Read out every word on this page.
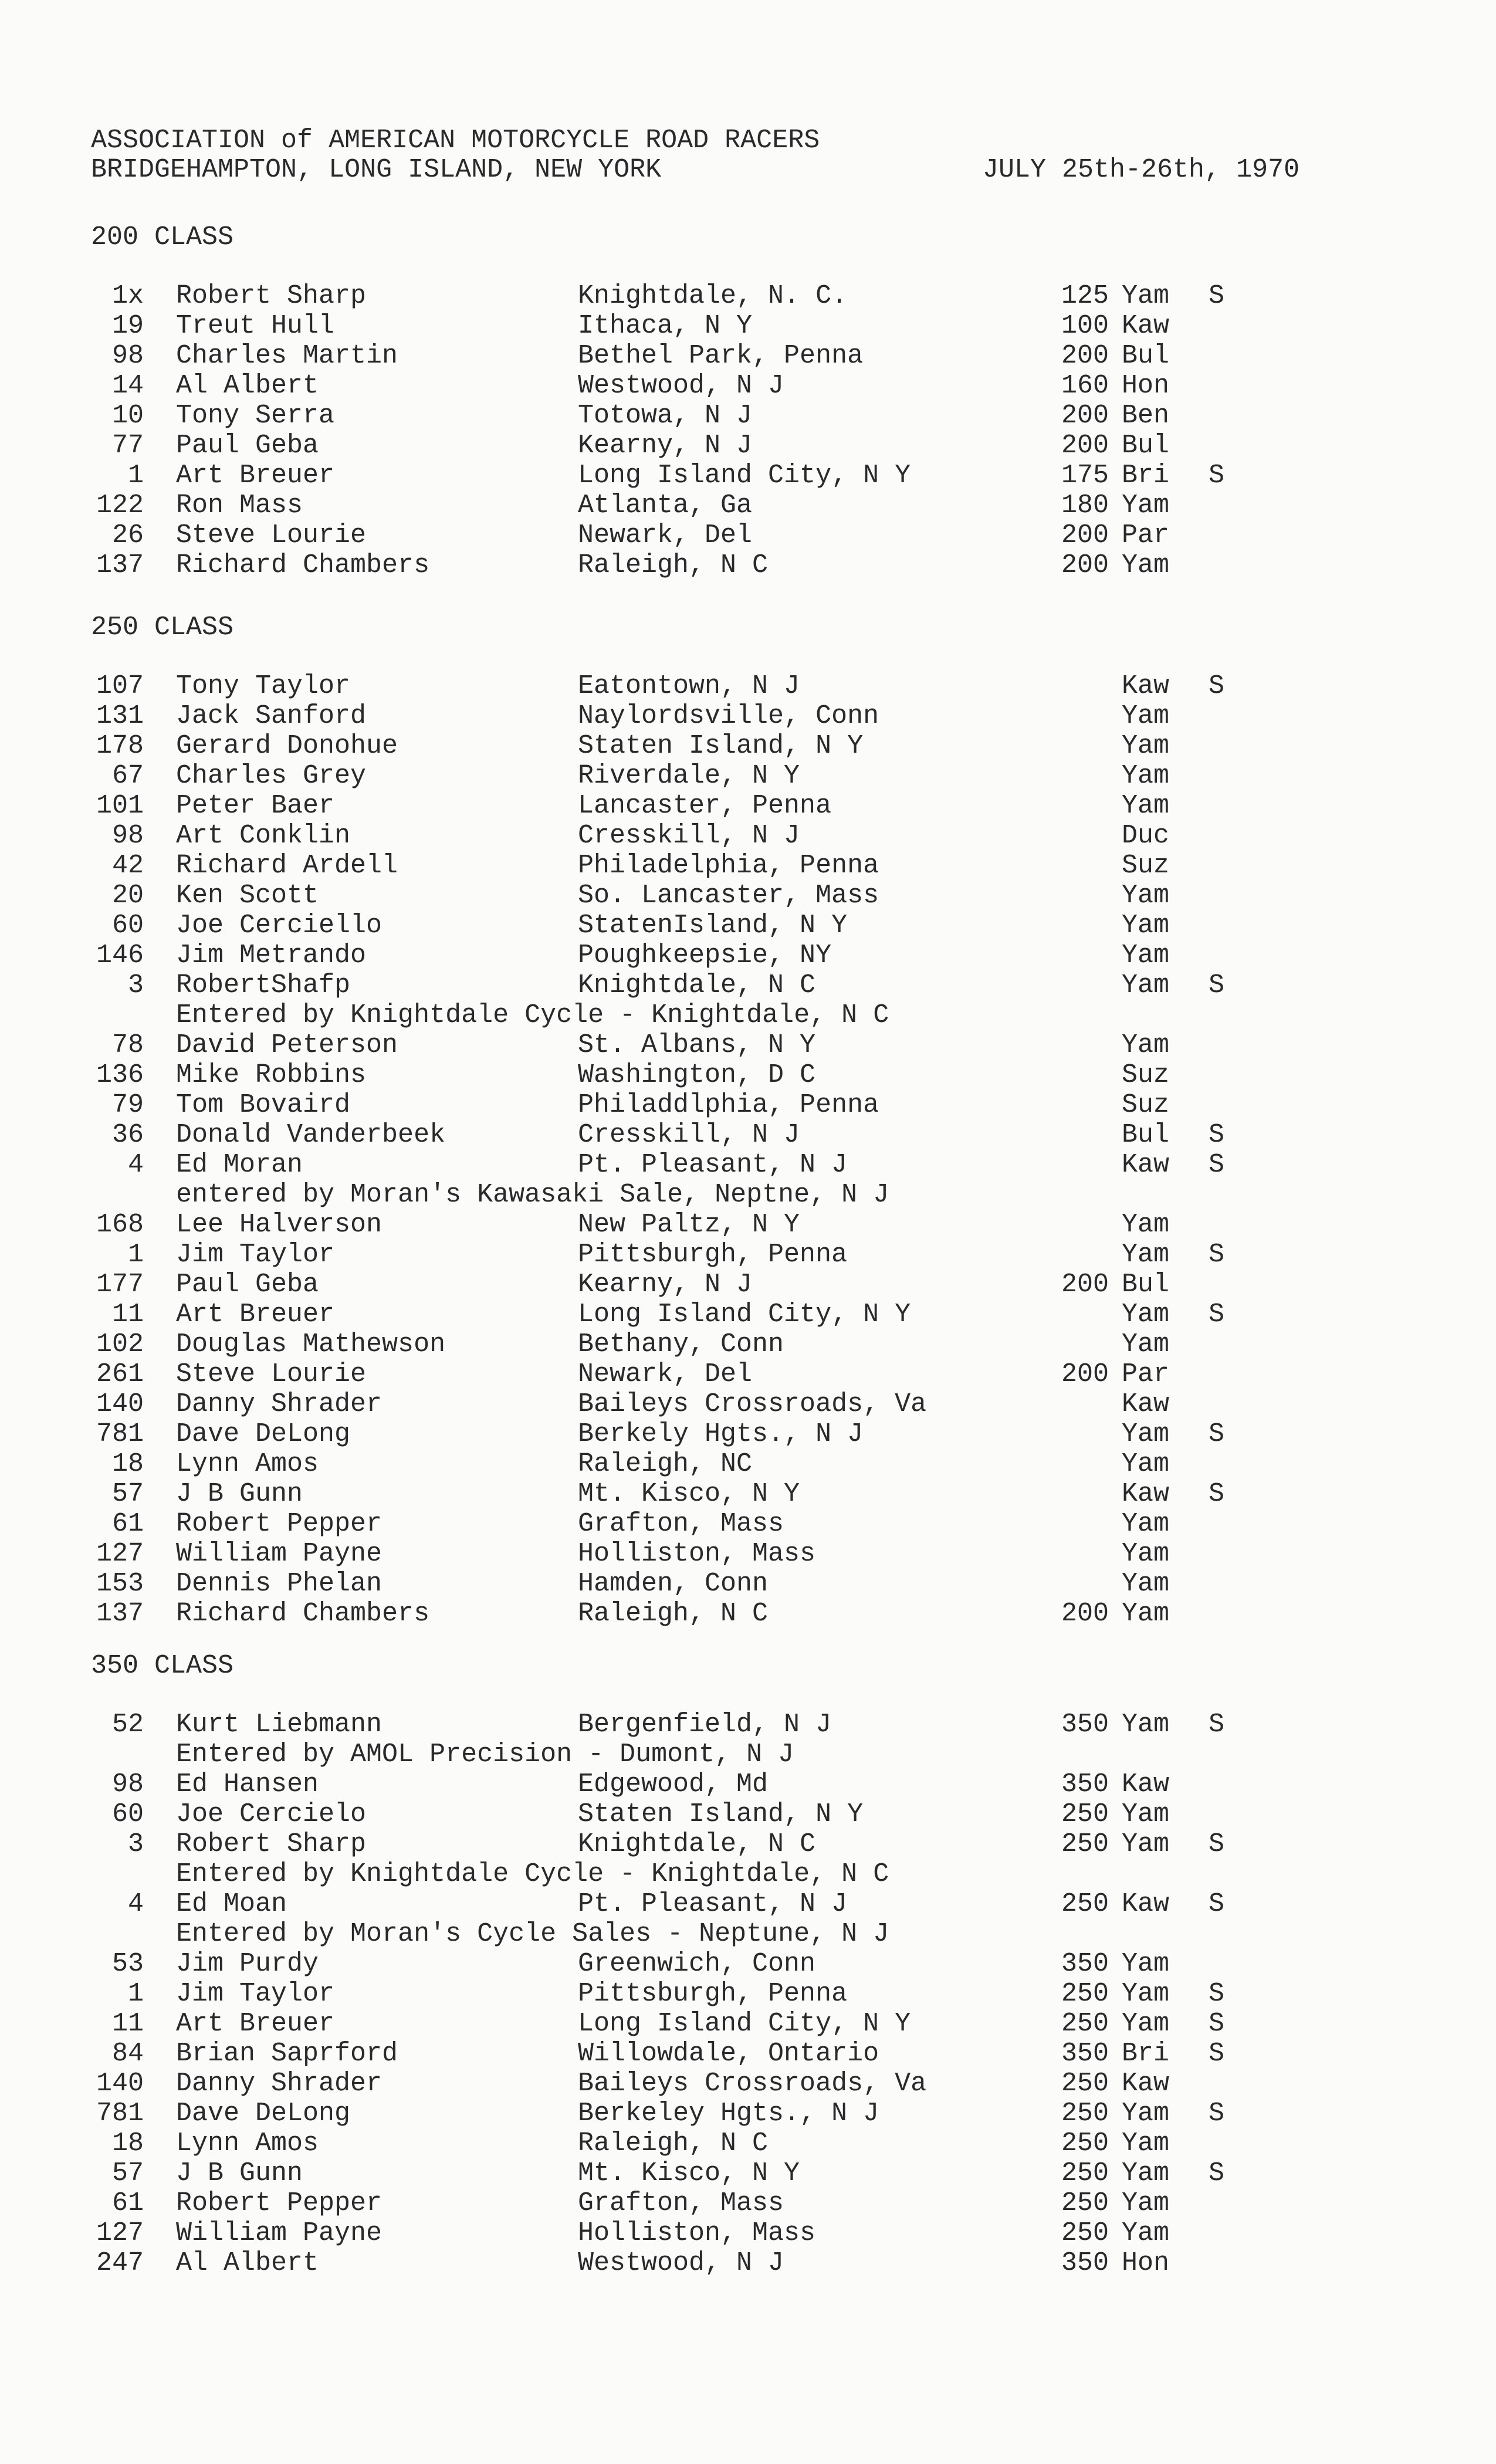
ASSOCIATION of AMERICAN MOTORCYCLE ROAD RACERS
BRIDGEHAMPTON, LONG ISLAND, NEW YORK	JULY 25th-26th, 1970
200 CLASS
1x Robert Sharp	Knightdale, N. C.	125 Yam S
19 Treut Hull	Ithaca, N Y	100 Kaw
98 Charles Martin	Bethel Park, Penna	200 Bul
14 Al Albert	Westwood, N J	160 Hon
10 Tony Serra	Totowa, N J	200 Ben
77 Paul Geba	Kearny, N J	200 Bul
1 Art Breuer	Long Island City, N Y	175 Bri S
122 Ron Mass	Atlanta, Ga	180 Yam
26 Steve Lourie	Newark, Del	200 Par
137 Richard Chambers	Raleigh, N C	200 Yam
250 CLASS
107 Tony Taylor	Eatontown, N J	Kaw S
131 Jack Sanford	Naylordsville, Conn	Yam
178 Gerard Donohue	Staten Island, N Y	Yam
67 Charles Grey	Riverdale, N Y	Yam
101 Peter Baer	Lancaster, Penna	Yam
98 Art Conklin	Cresskill, N J	Duc
42 Richard Ardell	Philadelphia, Penna	Suz
20 Ken Scott	So. Lancaster, Mass	Yam
60 Joe Cerciello	StatenIsland, N Y	Yam
146 Jim Metrando	Poughkeepsie, NY	Yam
3 RobertShafp	Knightdale, N C	Yam S
Entered by Knightdale Cycle - Knightdale, N C
78 David Peterson	St. Albans, N Y	Yam
136 Mike Robbins	Washington, D C	Suz
79 Tom Bovaird	Philaddlphia, Penna	Suz
36 Donald Vanderbeek	Cresskill, N J	Bul S
4 Ed Moran	Pt. Pleasant, N J	Kaw S
entered by Moran's Kawasaki Sale, Neptne, N J
168 Lee Halverson	New Paltz, N Y	Yam
1 Jim Taylor	Pittsburgh, Penna	Yam S
177 Paul Geba	Kearny, N J	200 Bul
11 Art Breuer	Long Island City, N Y	Yam S
102 Douglas Mathewson	Bethany, Conn	Yam
261 Steve Lourie	Newark, Del	200 Par
140 Danny Shrader	Baileys Crossroads, Va	Kaw
781 Dave DeLong	Berkely Hgts., N J	Yam S
18 Lynn Amos	Raleigh, NC	Yam
57 J B Gunn	Mt. Kisco, N Y	Kaw S
61 Robert Pepper	Grafton, Mass	Yam
127 William Payne	Holliston, Mass	Yam
153 Dennis Phelan	Hamden, Conn	Yam
137 Richard Chambers	Raleigh, N C	200 Yam
350 CLASS
52 Kurt Liebmann	Bergenfield, N J	350 Yam S
Entered by AMOL Precision - Dumont, N J
98 Ed Hansen	Edgewood, Md	350 Kaw
60 Joe Cercielo	Staten Island, N Y	250 Yam
3 Robert Sharp	Knightdale, N C	250 Yam S
Entered by Knightdale Cycle - Knightdale, N C
4 Ed Moan	Pt. Pleasant, N J	250 Kaw S
Entered by Moran's Cycle Sales - Neptune, N J
53 Jim Purdy	Greenwich, Conn	350 Yam
1 Jim Taylor	Pittsburgh, Penna	250 Yam S
11 Art Breuer	Long Island City, N Y	250 Yam S
84 Brian Saprford	Willowdale, Ontario	350 Bri S
140 Danny Shrader	Baileys Crossroads, Va	250 Kaw
781 Dave DeLong	Berkeley Hgts., N J	250 Yam S
18 Lynn Amos	Raleigh, N C	250 Yam
57 J B Gunn	Mt. Kisco, N Y	250 Yam S
61 Robert Pepper	Grafton, Mass	250 Yam
127 William Payne	Holliston, Mass	250 Yam
247 Al Albert	Westwood, N J	350 Hon
